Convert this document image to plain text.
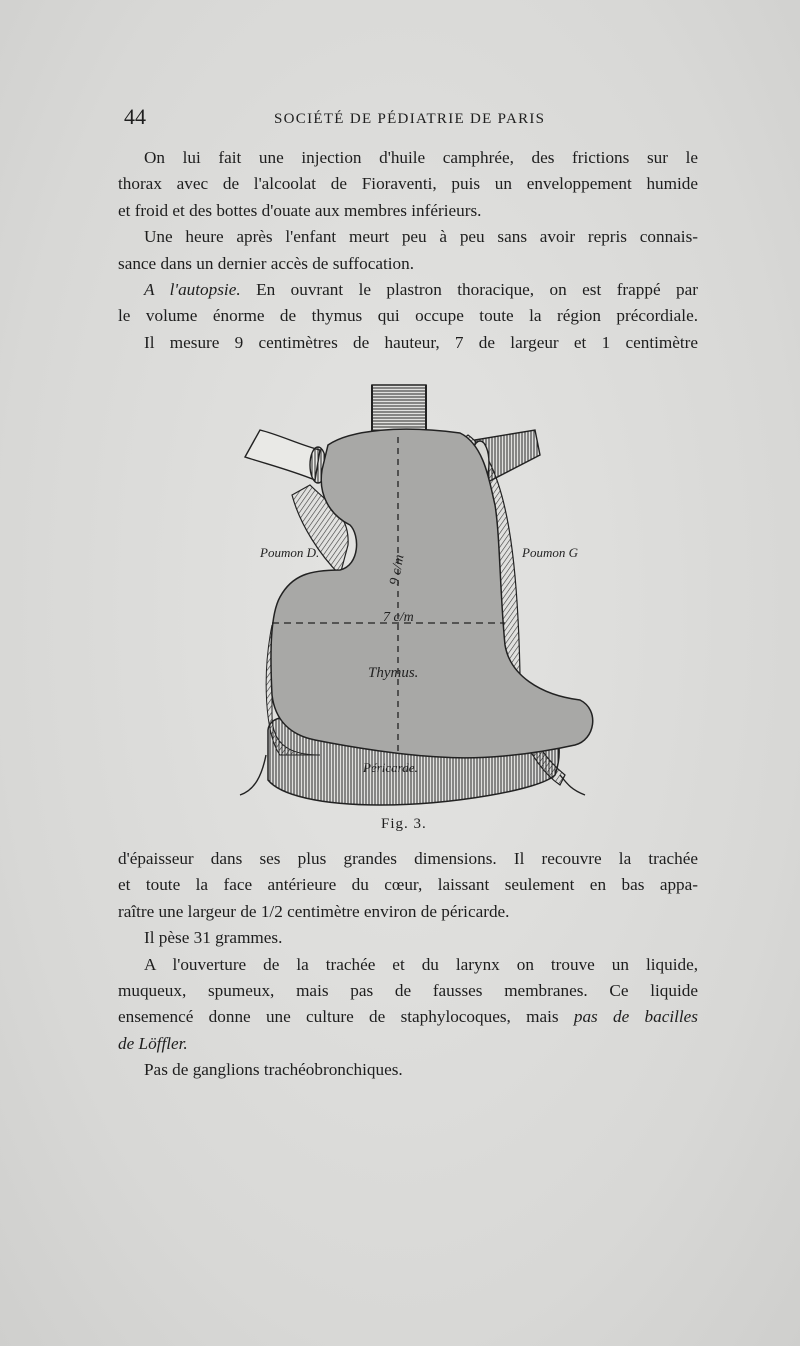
44	SOCIÉTÉ DE PÉDIATRIE DE PARIS

On lui fait une injection d'huile camphrée, des frictions sur le

thorax avec de l'alcoolat de Fioraventi, puis un enveloppement humide

et froid et des bottes d'ouate aux membres inférieurs.

Une heure après l'enfant meurt peu à peu sans avoir repris connais-

sance dans un dernier accès de suffocation.

A l'autopsie. En ouvrant le plastron thoracique, on est frappé par

le volume énorme de thymus qui occupe toute la région précordiale.

Il mesure 9 centimètres de hauteur, 7 de largeur et 1 centimètre

Poumon D.	Poumon G
9 c/m
7 c/m
Thymus.
Péricarde.
Fig. 3.

d'épaisseur dans ses plus grandes dimensions. Il recouvre la trachée

et toute la face antérieure du cœur, laissant seulement en bas appa-

raître une largeur de 1/2 centimètre environ de péricarde.

Il pèse 31 grammes.

A l'ouverture de la trachée et du larynx on trouve un liquide,

muqueux, spumeux, mais pas de fausses membranes. Ce liquide

ensemencé donne une culture de staphylocoques, mais pas de bacilles

de Löffler.

Pas de ganglions trachéobronchiques.
